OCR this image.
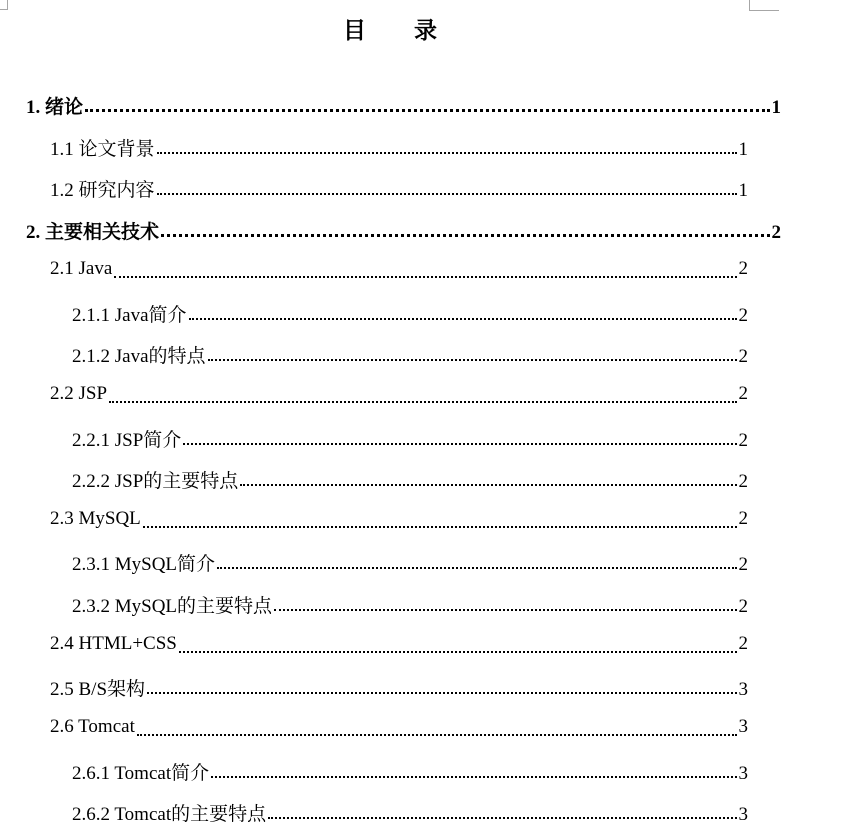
目 录
1. 绪论	1
1.1 论文背景	1
1.2 研究内容	1
2. 主要相关技术	2
2.1 Java	2
2.1.1 Java简介	2
2.1.2 Java的特点	2
2.2 JSP	2
2.2.1 JSP简介	2
2.2.2 JSP的主要特点	2
2.3 MySQL	2
2.3.1 MySQL简介	2
2.3.2 MySQL的主要特点	2
2.4 HTML+CSS	2
2.5 B/S架构	3
2.6 Tomcat	3
2.6.1 Tomcat简介	3
2.6.2 Tomcat的主要特点	3
